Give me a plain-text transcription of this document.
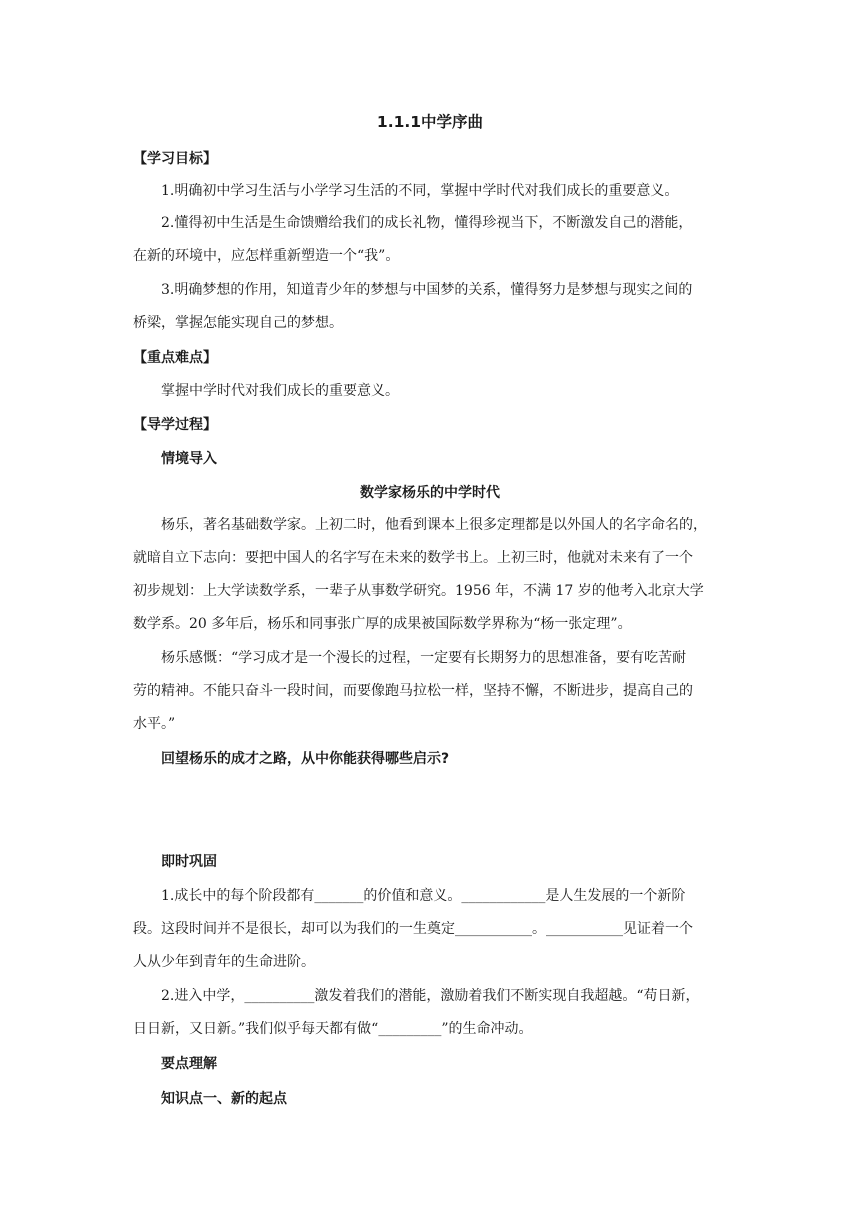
1.1.1中学序曲
【学习目标】
1.明确初中学习生活与小学学习生活的不同，掌握中学时代对我们成长的重要意义。
2.懂得初中生活是生命馈赠给我们的成长礼物，懂得珍视当下，不断激发自己的潜能，
在新的环境中，应怎样重新塑造一个“我”。
3.明确梦想的作用，知道青少年的梦想与中国梦的关系，懂得努力是梦想与现实之间的
桥梁，掌握怎能实现自己的梦想。
【重点难点】
掌握中学时代对我们成长的重要意义。
【导学过程】
情境导入
数学家杨乐的中学时代
杨乐，著名基础数学家。上初二时，他看到课本上很多定理都是以外国人的名字命名的，
就暗自立下志向：要把中国人的名字写在未来的数学书上。上初三时，他就对未来有了一个
初步规划：上大学读数学系，一辈子从事数学研究。1956 年，不满 17 岁的他考入北京大学
数学系。20 多年后，杨乐和同事张广厚的成果被国际数学界称为“杨一张定理”。
杨乐感慨：“学习成才是一个漫长的过程，一定要有长期努力的思想准备，要有吃苦耐
劳的精神。不能只奋斗一段时间，而要像跑马拉松一样，坚持不懈，不断进步，提高自己的
水平。”
回望杨乐的成才之路，从中你能获得哪些启示?
即时巩固
1.成长中的每个阶段都有_______的价值和意义。____________是人生发展的一个新阶
段。这段时间并不是很长，却可以为我们的一生奠定___________。___________见证着一个
人从少年到青年的生命进阶。
2.进入中学，__________激发着我们的潜能，激励着我们不断实现自我超越。“苟日新，
日日新，又日新。”我们似乎每天都有做“_________”的生命冲动。
要点理解
知识点一、新的起点
